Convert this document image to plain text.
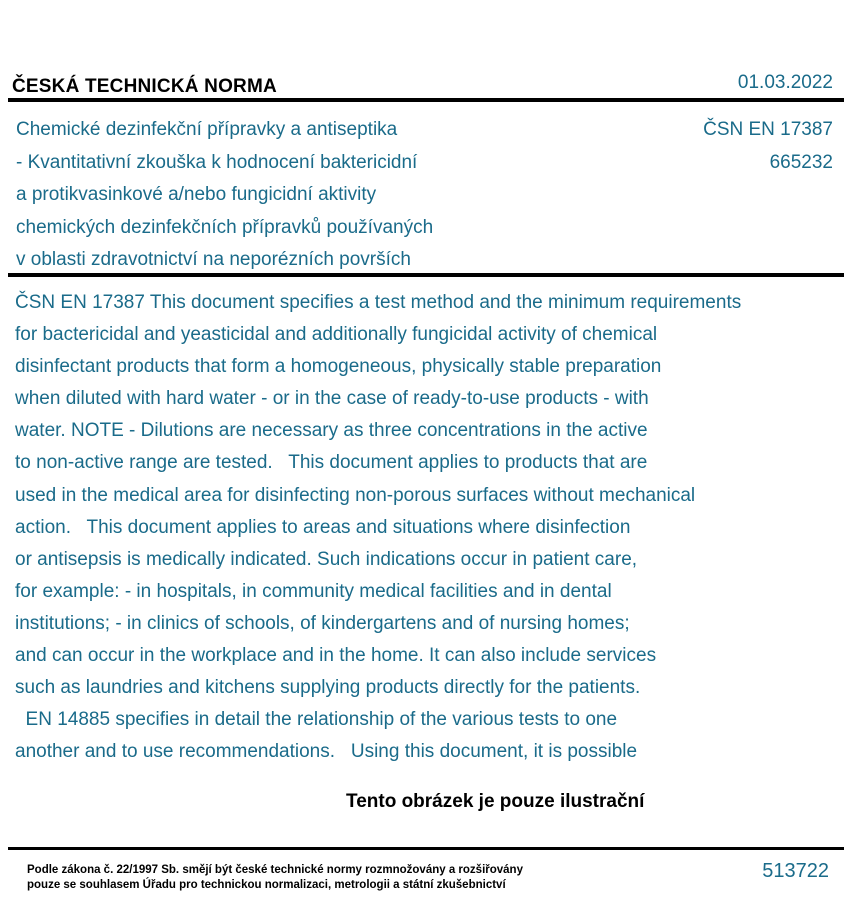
ČESKÁ TECHNICKÁ NORMA	01.03.2022
Chemické dezinfekční přípravky a antiseptika
- Kvantitativní zkouška k hodnocení baktericidní
a protikvasinkové a/nebo fungicidní aktivity
chemických dezinfekčních přípravků používaných
v oblasti zdravotnictví na neporézních površích
ČSN EN 17387
665232
ČSN EN 17387 This document specifies a test method and the minimum requirements
for bactericidal and yeasticidal and additionally fungicidal activity of chemical
disinfectant products that form a homogeneous, physically stable preparation
when diluted with hard water - or in the case of ready-to-use products - with
water. NOTE - Dilutions are necessary as three concentrations in the active
to non-active range are tested.   This document applies to products that are
used in the medical area for disinfecting non-porous surfaces without mechanical
action.   This document applies to areas and situations where disinfection
or antisepsis is medically indicated. Such indications occur in patient care,
for example: - in hospitals, in community medical facilities and in dental
institutions; - in clinics of schools, of kindergartens and of nursing homes;
and can occur in the workplace and in the home. It can also include services
such as laundries and kitchens supplying products directly for the patients.
EN 14885 specifies in detail the relationship of the various tests to one
another and to use recommendations.   Using this document, it is possible
Tento obrázek je pouze ilustrační
Podle zákona č. 22/1997 Sb. smějí být české technické normy rozmnožovány a rozšiřovány
pouze se souhlasem Úřadu pro technickou normalizaci, metrologii a státní zkušebnictví
513722
